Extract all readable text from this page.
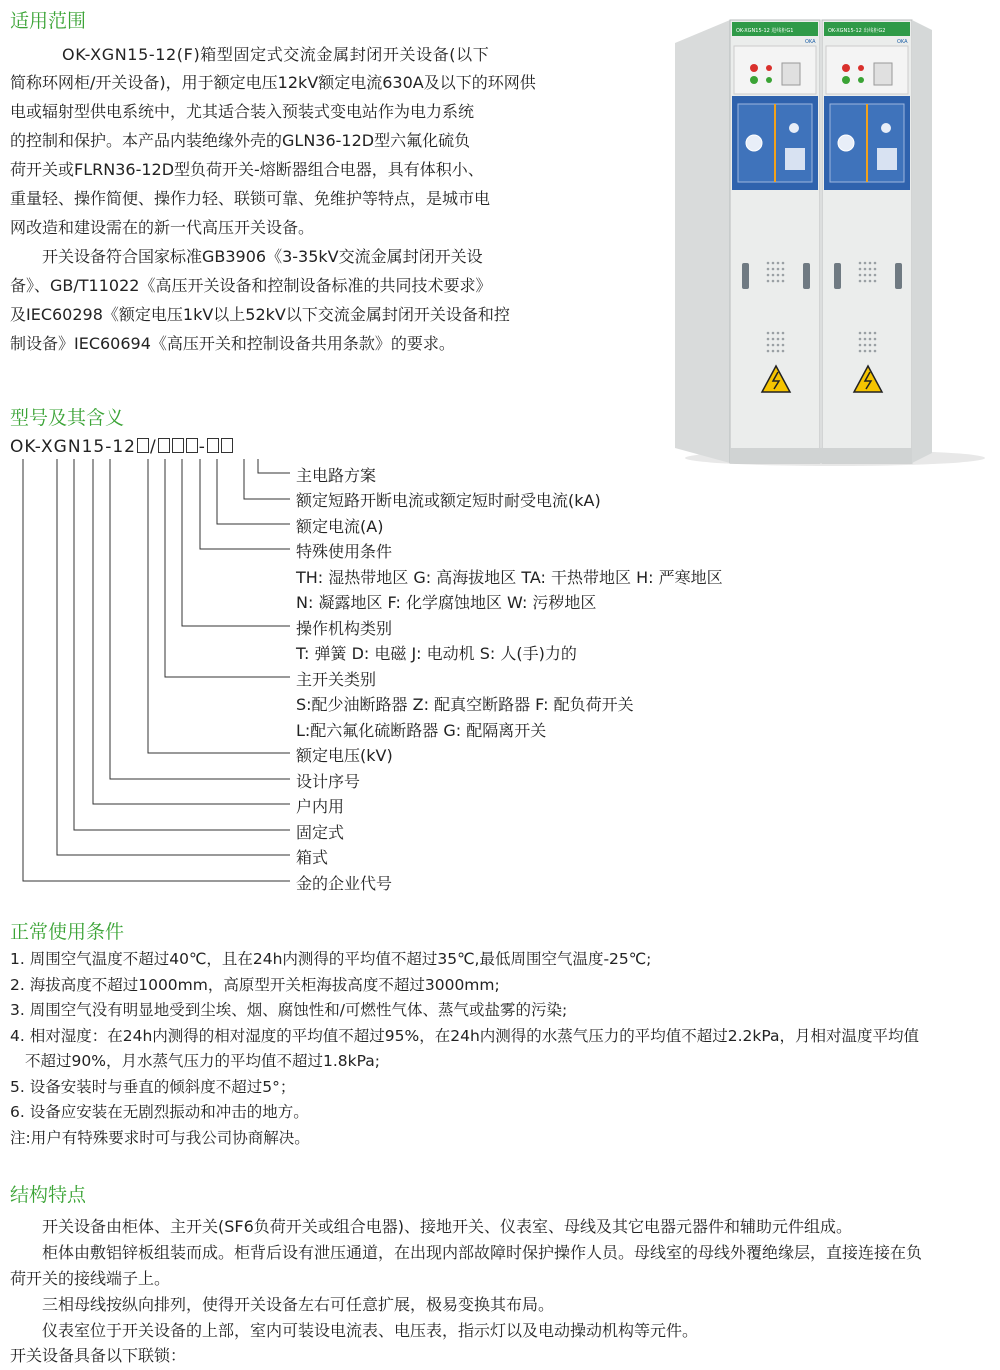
适用范围
OK-XGN15-12(F)箱型固定式交流金属封闭开关设备(以下
简称环网柜/开关设备)，用于额定电压12kV额定电流630A及以下的环网供
电或辐射型供电系统中，尤其适合装入预装式变电站作为电力系统
的控制和保护。本产品内装绝缘外壳的GLN36-12D型六氟化硫负
荷开关或FLRN36-12D型负荷开关-熔断器组合电器，具有体积小、
重量轻、操作简便、操作力轻、联锁可靠、免维护等特点，是城市电
网改造和建设需在的新一代高压开关设备。
开关设备符合国家标准GB3906《3-35kV交流金属封闭开关设
备》、GB/T11022《高压开关设备和控制设备标准的共同技术要求》
及IEC60298《额定电压1kV以上52kV以下交流金属封闭开关设备和控
制设备》IEC60694《高压开关和控制设备共用条款》的要求。
OK-XGN15-12 进线柜G1	OK-XGN15-12 出线柜G2
OKA	OKA
型号及其含义
OK-XGN15-12 / -
主电路方案
额定短路开断电流或额定短时耐受电流(kA)
额定电流(A)
特殊使用条件
TH: 湿热带地区 G: 高海拔地区 TA: 干热带地区 H: 严寒地区
N: 凝露地区 F: 化学腐蚀地区 W: 污秽地区
操作机构类别
T: 弹簧 D: 电磁 J: 电动机 S: 人(手)力的
主开关类别
S:配少油断路器 Z: 配真空断路器 F: 配负荷开关
L:配六氟化硫断路器 G: 配隔离开关
额定电压(kV)
设计序号
户内用
固定式
箱式
金的企业代号
正常使用条件
1. 周围空气温度不超过40℃，且在24h内测得的平均值不超过35℃,最低周围空气温度-25℃;
2. 海拔高度不超过1000mm，高原型开关柜海拔高度不超过3000mm;
3. 周围空气没有明显地受到尘埃、烟、腐蚀性和/可燃性气体、蒸气或盐雾的污染;
4. 相对湿度：在24h内测得的相对湿度的平均值不超过95%，在24h内测得的水蒸气压力的平均值不超过2.2kPa，月相对温度平均值
不超过90%，月水蒸气压力的平均值不超过1.8kPa;
5. 设备安装时与垂直的倾斜度不超过5°；
6. 设备应安装在无剧烈振动和冲击的地方。
注:用户有特殊要求时可与我公司协商解决。
结构特点
开关设备由柜体、主开关(SF6负荷开关或组合电器)、接地开关、仪表室、母线及其它电器元器件和辅助元件组成。
柜体由敷铝锌板组装而成。柜背后设有泄压通道，在出现内部故障时保护操作人员。母线室的母线外覆绝缘层，直接连接在负
荷开关的接线端子上。
三相母线按纵向排列，使得开关设备左右可任意扩展，极易变换其布局。
仪表室位于开关设备的上部，室内可装设电流表、电压表，指示灯以及电动操动机构等元件。
开关设备具备以下联锁：
